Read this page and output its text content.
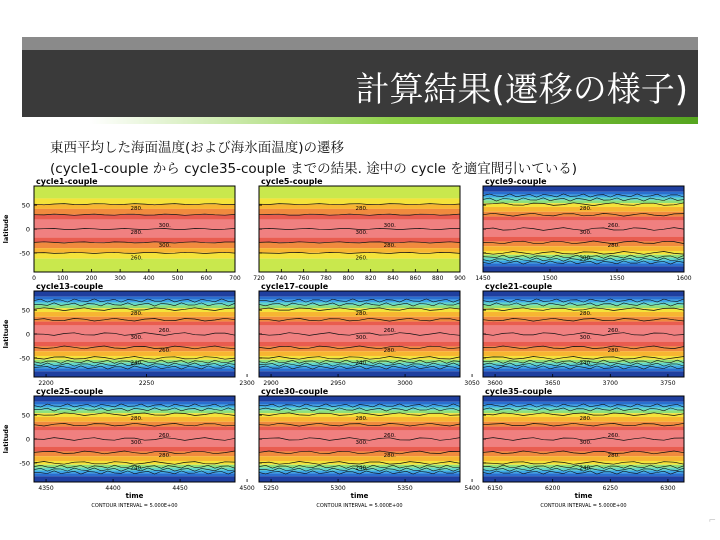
計算結果(遷移の様子)
東西平均した海面温度(および海氷面温度)の遷移
(cycle1-couple から cycle35-couple までの結果. 途中の cycle を適宜間引いている)
cycle1-couple
280.
300.
280.
300.
260.
50
0
-50
latitude
0	100	200	300	400	500	600	700
cycle5-couple
280.
300.
300.
280.
260.
720 740 760 780 800 820 840 860 880 900
cycle9-couple
280.
260.
300.
280.
300.
1450	1500	1550	1600
cycle13-couple
280.
260.
300.
260.
240.
50
0
-50
latitude
2200	2250	2300
cycle17-couple
280.
260.
300.
280.
240.
2900	2950	3000	3050
cycle21-couple
280.
260.
300.
280.
240.
3600	3650	3700	3750
cycle25-couple
280.
260.
300.
280.
240.
50
0
-50
latitude
4350	4400	4450	4500
time
CONTOUR INTERVAL = 5.000E+00
cycle30-couple
280.
260.
300.
280.
240.
5250	5300	5350	5400
time
CONTOUR INTERVAL = 5.000E+00
cycle35-couple
280.
260.
300.
280.
240.
6150	6200	6250	6300
time
CONTOUR INTERVAL = 5.000E+00
⌐
